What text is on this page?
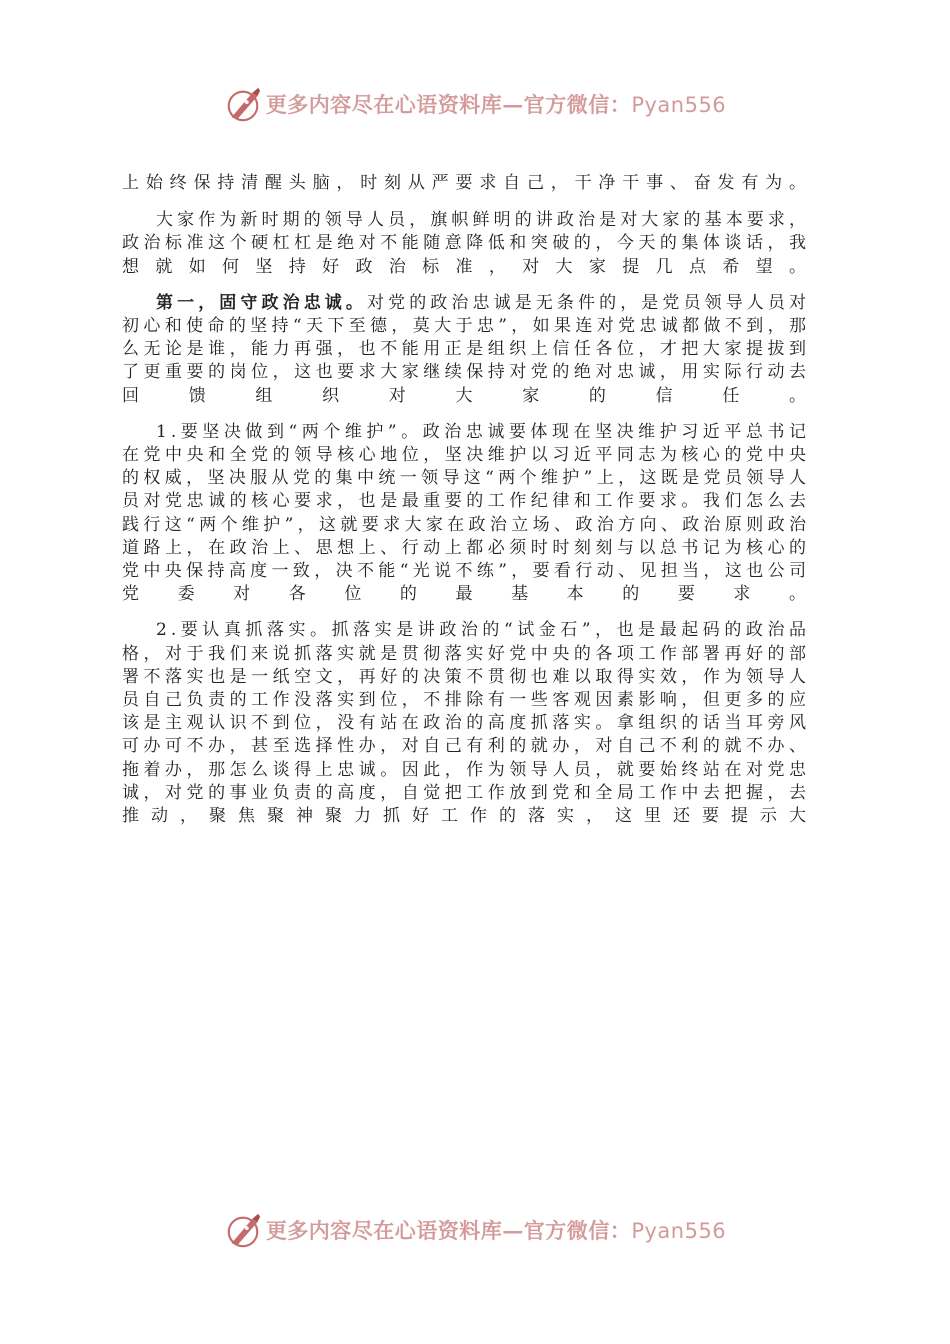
更多内容尽在心语资料库—官方微信：Pyan556

上始终保持清醒头脑，时刻从严要求自己，干净干事、奋发有为。

大家作为新时期的领导人员，旗帜鲜明的讲政治是对大家的基本要求，政治标准这个硬杠杠是绝对不能随意降低和突破的，今天的集体谈话，我想就如何坚持好政治标准，对大家提几点希望。

第一，固守政治忠诚。对党的政治忠诚是无条件的，是党员领导人员对初心和使命的坚持“天下至德，莫大于忠”，如果连对党忠诚都做不到，那么无论是谁，能力再强，也不能用正是组织上信任各位，才把大家提拔到了更重要的岗位，这也要求大家继续保持对党的绝对忠诚，用实际行动去回馈组织对大家的信任。

1.要坚决做到“两个维护”。政治忠诚要体现在坚决维护习近平总书记在党中央和全党的领导核心地位，坚决维护以习近平同志为核心的党中央的权威，坚决服从党的集中统一领导这“两个维护”上，这既是党员领导人员对党忠诚的核心要求，也是最重要的工作纪律和工作要求。我们怎么去践行这“两个维护”，这就要求大家在政治立场、政治方向、政治原则政治道路上，在政治上、思想上、行动上都必须时时刻刻与以总书记为核心的党中央保持高度一致，决不能“光说不练”，要看行动、见担当，这也公司党委对各位的最基本的要求。

2.要认真抓落实。抓落实是讲政治的“试金石”，也是最起码的政治品格，对于我们来说抓落实就是贯彻落实好党中央的各项工作部署再好的部署不落实也是一纸空文，再好的决策不贯彻也难以取得实效，作为领导人员自己负责的工作没落实到位，不排除有一些客观因素影响，但更多的应该是主观认识不到位，没有站在政治的高度抓落实。拿组织的话当耳旁风可办可不办，甚至选择性办，对自己有利的就办，对自己不利的就不办、拖着办，那怎么谈得上忠诚。因此，作为领导人员，就要始终站在对党忠诚，对党的事业负责的高度，自觉把工作放到党和全局工作中去把握，去推动，聚焦聚神聚力抓好工作的落实，这里还要提示大

更多内容尽在心语资料库—官方微信：Pyan556
